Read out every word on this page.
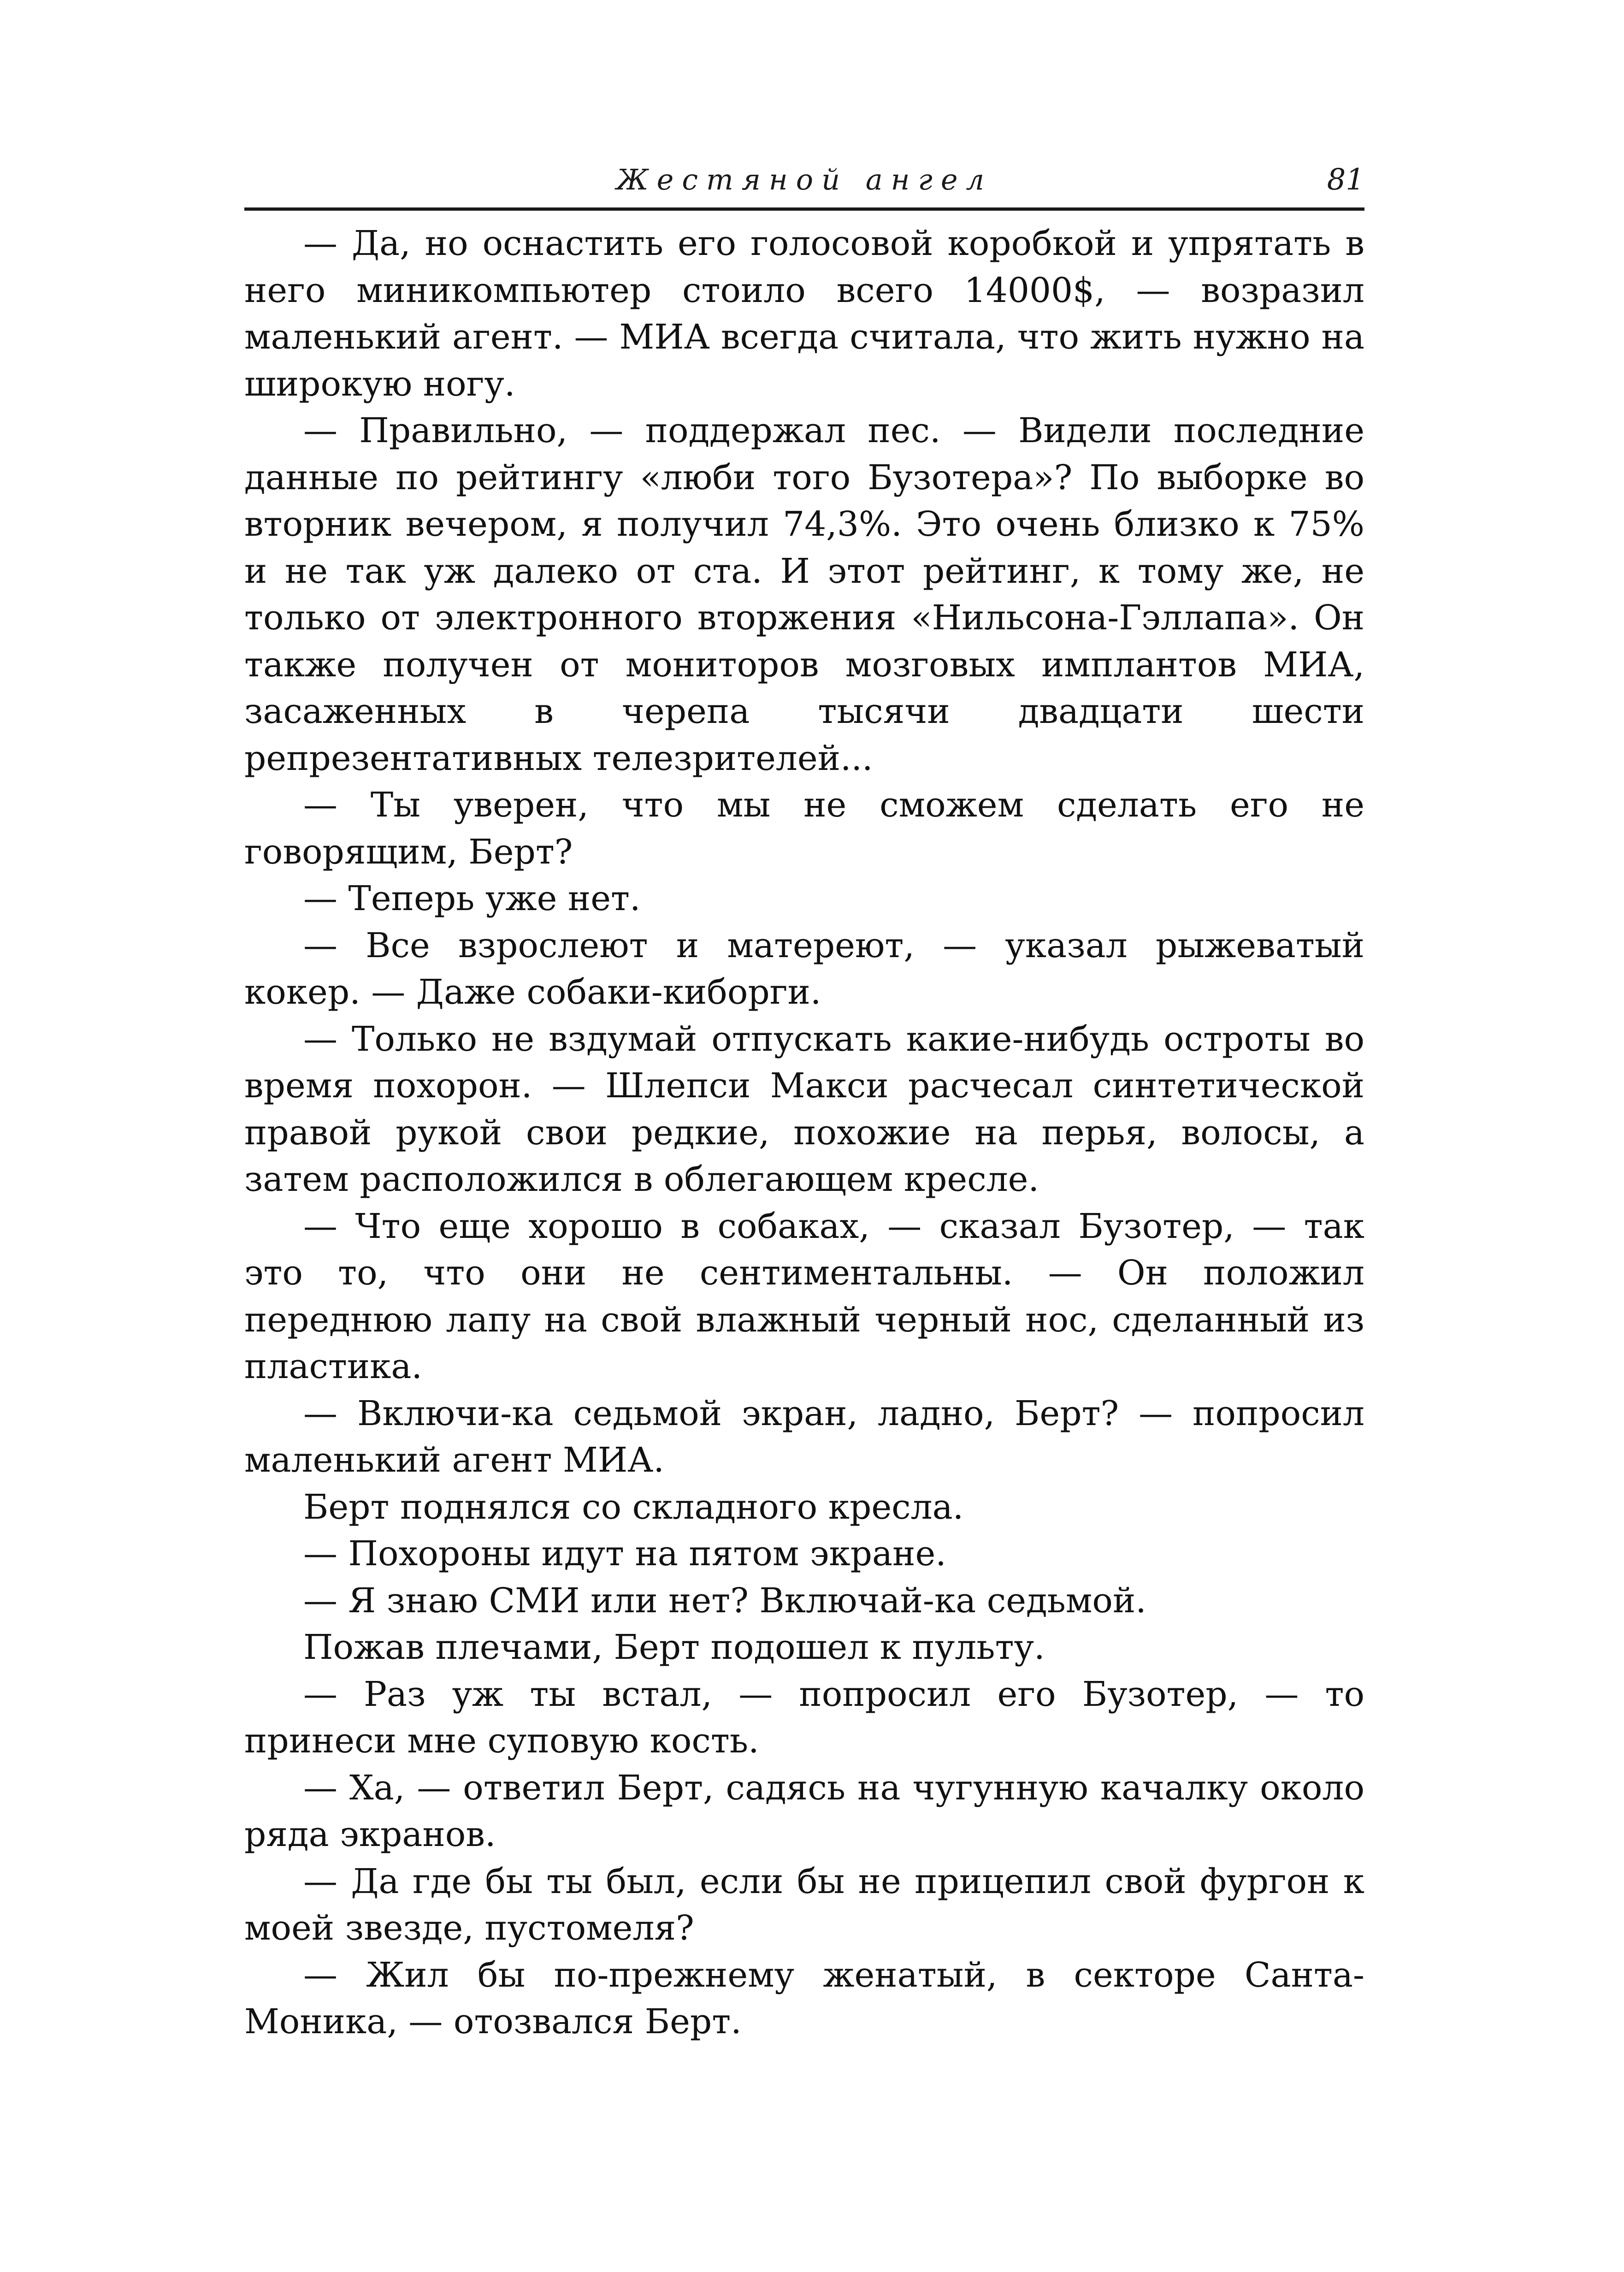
Жестяной ангел	81

— Да, но оснастить его голосовой коробкой и упрятать в него миникомпьютер стоило всего 14000$, — возразил маленький агент. — МИА всегда считала, что жить нужно на широкую ногу.

— Правильно, — поддержал пес. — Видели последние данные по рейтингу «люби того Бузотера»? По выборке во вторник вечером, я получил 74,3%. Это очень близко к 75% и не так уж далеко от ста. И этот рейтинг, к тому же, не только от электронного вторжения «Нильсона-Гэллапа». Он также получен от мониторов мозговых имплантов МИА, засаженных в черепа тысячи двадцати шести репрезентативных телезрителей...

— Ты уверен, что мы не сможем сделать его не говорящим, Берт?

— Теперь уже нет.

— Все взрослеют и матереют, — указал рыжеватый кокер. — Даже собаки-киборги.

— Только не вздумай отпускать какие-нибудь остроты во время похорон. — Шлепси Макси расчесал синтетической правой рукой свои редкие, похожие на перья, волосы, а затем расположился в облегающем кресле.

— Что еще хорошо в собаках, — сказал Бузотер, — так это то, что они не сентиментальны. — Он положил переднюю лапу на свой влажный черный нос, сделанный из пластика.

— Включи-ка седьмой экран, ладно, Берт? — попросил маленький агент МИА.

Берт поднялся со складного кресла.

— Похороны идут на пятом экране.

— Я знаю СМИ или нет? Включай-ка седьмой.

Пожав плечами, Берт подошел к пульту.

— Раз уж ты встал, — попросил его Бузотер, — то принеси мне суповую кость.

— Ха, — ответил Берт, садясь на чугунную качалку около ряда экранов.

— Да где бы ты был, если бы не прицепил свой фургон к моей звезде, пустомеля?

— Жил бы по-прежнему женатый, в секторе Санта-Моника, — отозвался Берт.
